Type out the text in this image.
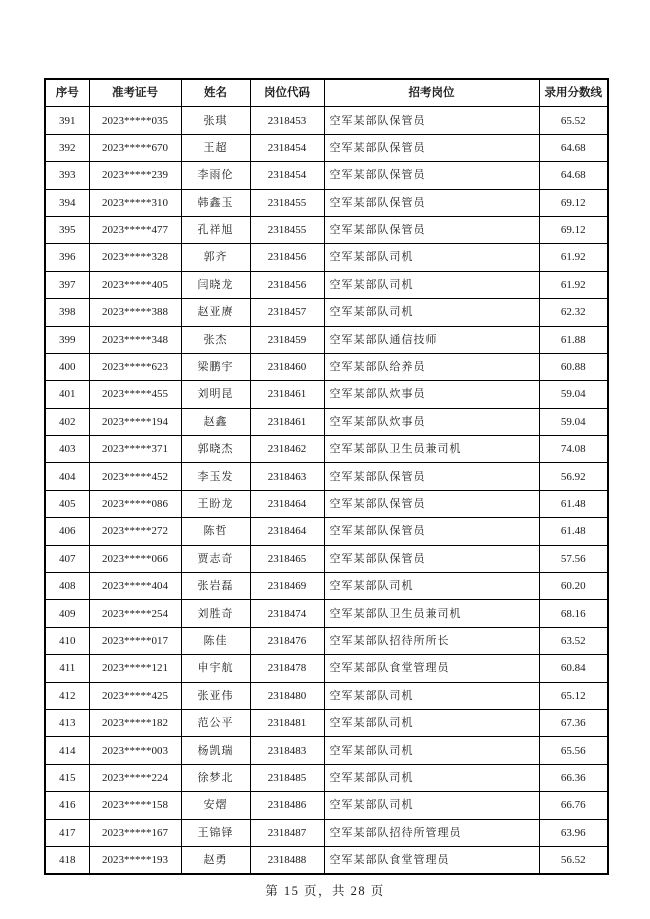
序号	准考证号	姓名	岗位代码	招考岗位	录用分数线
391	2023*****035	张琪	2318453	空军某部队保管员	65.52
392	2023*****670	王超	2318454	空军某部队保管员	64.68
393	2023*****239	李雨伦	2318454	空军某部队保管员	64.68
394	2023*****310	韩鑫玉	2318455	空军某部队保管员	69.12
395	2023*****477	孔祥旭	2318455	空军某部队保管员	69.12
396	2023*****328	郭齐	2318456	空军某部队司机	61.92
397	2023*****405	闫晓龙	2318456	空军某部队司机	61.92
398	2023*****388	赵亚赓	2318457	空军某部队司机	62.32
399	2023*****348	张杰	2318459	空军某部队通信技师	61.88
400	2023*****623	梁鹏宇	2318460	空军某部队给养员	60.88
401	2023*****455	刘明昆	2318461	空军某部队炊事员	59.04
402	2023*****194	赵鑫	2318461	空军某部队炊事员	59.04
403	2023*****371	郭晓杰	2318462	空军某部队卫生员兼司机	74.08
404	2023*****452	李玉发	2318463	空军某部队保管员	56.92
405	2023*****086	王盼龙	2318464	空军某部队保管员	61.48
406	2023*****272	陈哲	2318464	空军某部队保管员	61.48
407	2023*****066	贾志奇	2318465	空军某部队保管员	57.56
408	2023*****404	张岩磊	2318469	空军某部队司机	60.20
409	2023*****254	刘胜奇	2318474	空军某部队卫生员兼司机	68.16
410	2023*****017	陈佳	2318476	空军某部队招待所所长	63.52
411	2023*****121	申宇航	2318478	空军某部队食堂管理员	60.84
412	2023*****425	张亚伟	2318480	空军某部队司机	65.12
413	2023*****182	范公平	2318481	空军某部队司机	67.36
414	2023*****003	杨凯瑞	2318483	空军某部队司机	65.56
415	2023*****224	徐梦北	2318485	空军某部队司机	66.36
416	2023*****158	安熠	2318486	空军某部队司机	66.76
417	2023*****167	王锦铎	2318487	空军某部队招待所管理员	63.96
418	2023*****193	赵勇	2318488	空军某部队食堂管理员	56.52
第 15 页，共 28 页
